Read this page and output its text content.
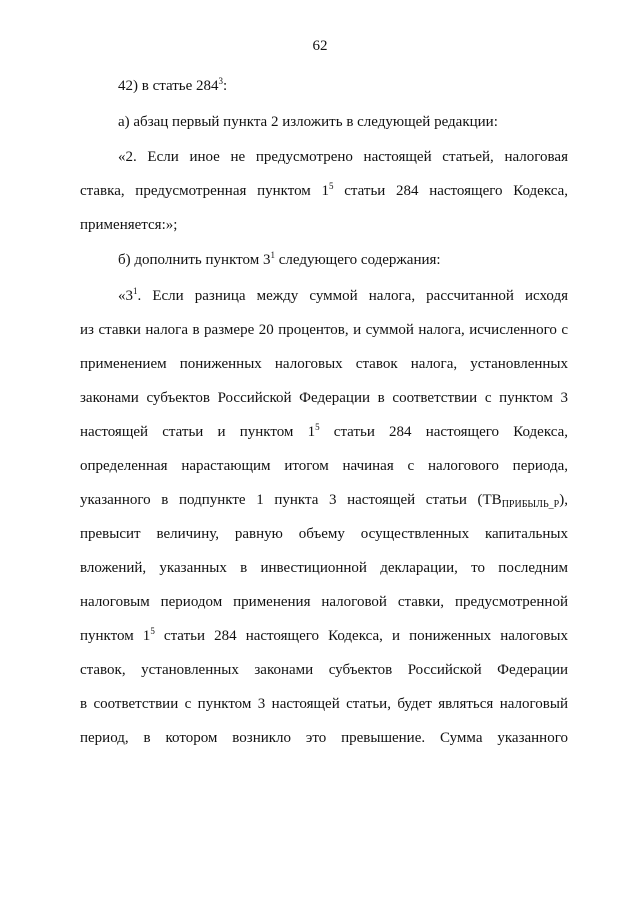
62
42) в статье $284^3$:
а) абзац первый пункта 2 изложить в следующей редакции:
«2. Если иное не предусмотрено настоящей статьей, налоговая
ставка, предусмотренная пунктом $1^5$ статьи 284 настоящего Кодекса,
применяется:»;
б) дополнить пунктом $3^1$ следующего содержания:
«$3^1$. Если разница между суммой налога, рассчитанной исходя
из ставки налога в размере 20 процентов, и суммой налога, исчисленного с
применением пониженных налоговых ставок налога, установленных
законами субъектов Российской Федерации в соответствии с пунктом 3
настоящей статьи и пунктом $1^5$ статьи 284 настоящего Кодекса,
определенная нарастающим итогом начиная с налогового периода,
указанного в подпункте 1 пункта 3 настоящей статьи $(ТВ_{ПРИБЫЛЬ\_Р})$,
превысит величину, равную объему осуществленных капитальных
вложений, указанных в инвестиционной декларации, то последним
налоговым периодом применения налоговой ставки, предусмотренной
пунктом $1^5$ статьи 284 настоящего Кодекса, и пониженных налоговых
ставок, установленных законами субъектов Российской Федерации
в соответствии с пунктом 3 настоящей статьи, будет являться налоговый
период, в котором возникло это превышение. Сумма указанного
